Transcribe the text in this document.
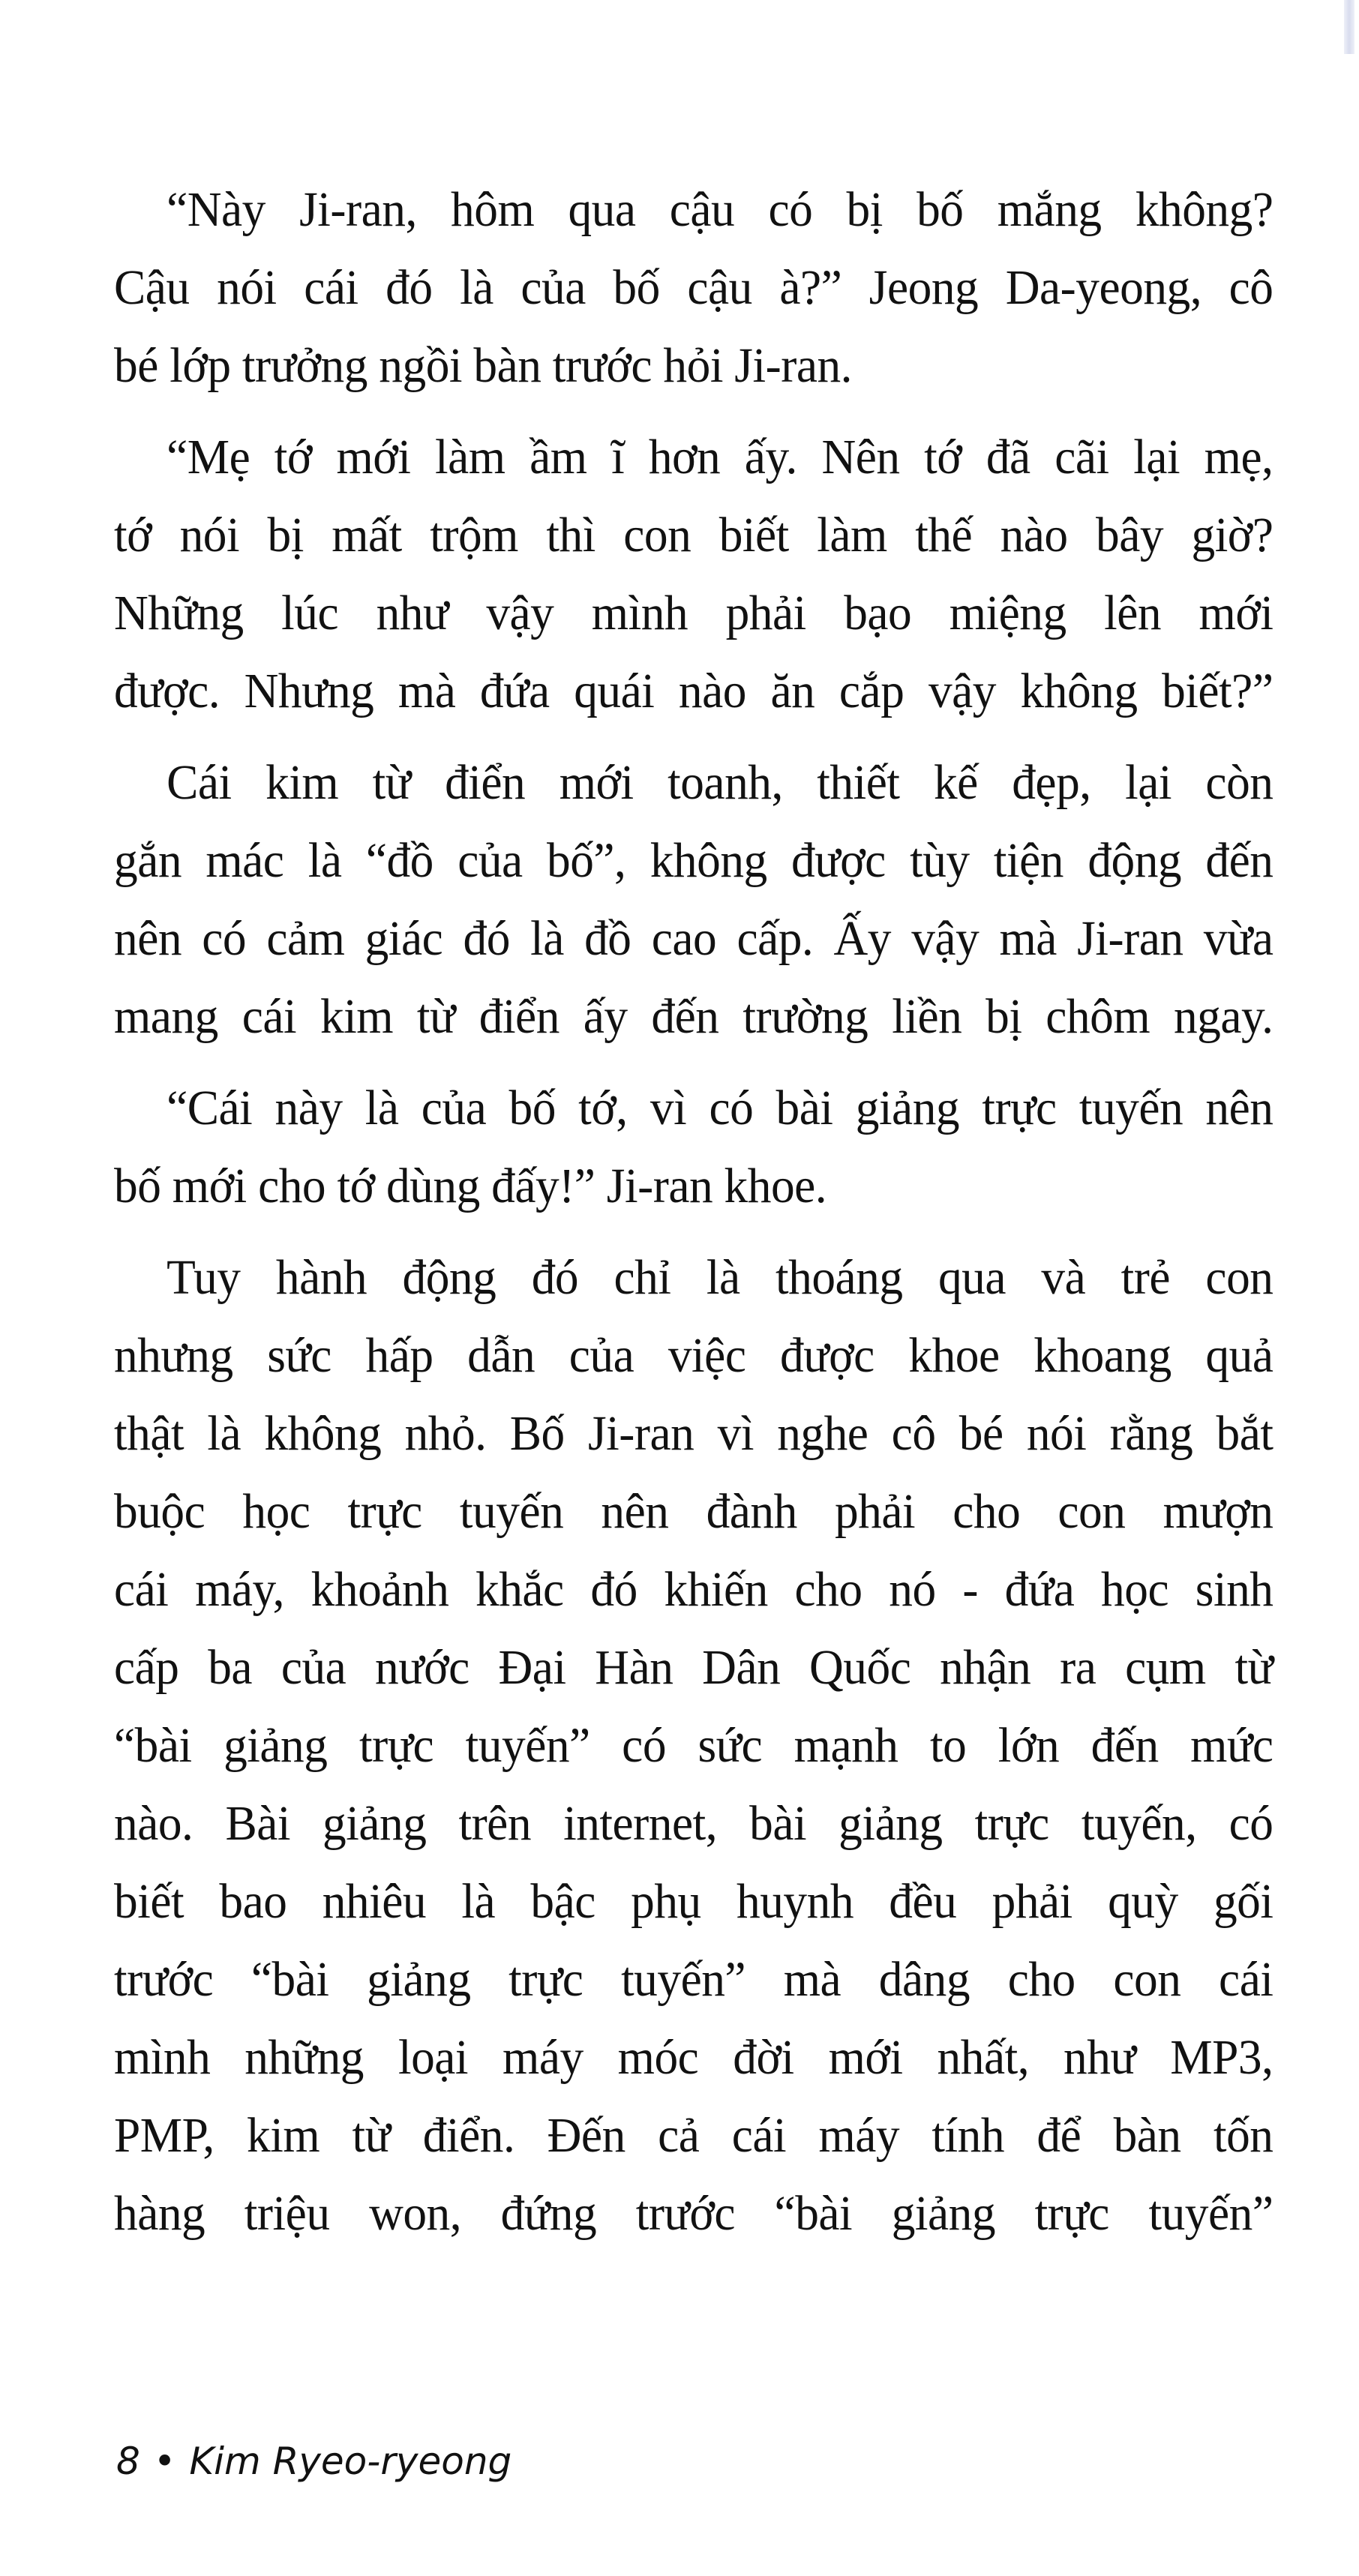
“Này Ji-ran, hôm qua cậu có bị bố mắng không?
Cậu nói cái đó là của bố cậu à?” Jeong Da-yeong, cô
bé lớp trưởng ngồi bàn trước hỏi Ji-ran.

“Mẹ tớ mới làm ầm ĩ hơn ấy. Nên tớ đã cãi lại mẹ,
tớ nói bị mất trộm thì con biết làm thế nào bây giờ?
Những lúc như vậy mình phải bạo miệng lên mới
được. Nhưng mà đứa quái nào ăn cắp vậy không biết?”

Cái kim từ điển mới toanh, thiết kế đẹp, lại còn
gắn mác là “đồ của bố”, không được tùy tiện động đến
nên có cảm giác đó là đồ cao cấp. Ấy vậy mà Ji-ran vừa
mang cái kim từ điển ấy đến trường liền bị chôm ngay.

“Cái này là của bố tớ, vì có bài giảng trực tuyến nên
bố mới cho tớ dùng đấy!” Ji-ran khoe.

Tuy hành động đó chỉ là thoáng qua và trẻ con
nhưng sức hấp dẫn của việc được khoe khoang quả
thật là không nhỏ. Bố Ji-ran vì nghe cô bé nói rằng bắt
buộc học trực tuyến nên đành phải cho con mượn
cái máy, khoảnh khắc đó khiến cho nó - đứa học sinh
cấp ba của nước Đại Hàn Dân Quốc nhận ra cụm từ
“bài giảng trực tuyến” có sức mạnh to lớn đến mức
nào. Bài giảng trên internet, bài giảng trực tuyến, có
biết bao nhiêu là bậc phụ huynh đều phải quỳ gối
trước “bài giảng trực tuyến” mà dâng cho con cái
mình những loại máy móc đời mới nhất, như MP3,
PMP, kim từ điển. Đến cả cái máy tính để bàn tốn
hàng triệu won, đứng trước “bài giảng trực tuyến”

8 • Kim Ryeo-ryeong
